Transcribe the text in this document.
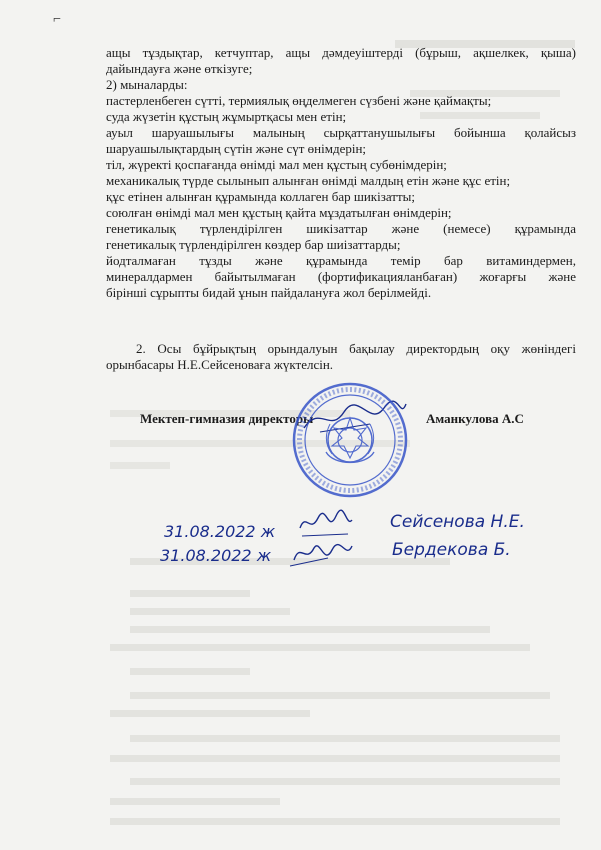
⌐
ащы тұздықтар, кетчуптар, ащы дәмдеуіштерді (бұрыш, ақшелкек, қыша)
дайындауға және өткізуге;
2) мыналарды:
пастерленбеген сүтті, термиялық өңделмеген сүзбені және қаймақты;
суда жүзетін құстың жұмыртқасы мен етін;
ауыл шаруашылығы малының сырқаттанушылығы бойынша қолайсыз
шаруашылықтардың сүтін және сүт өнімдерін;
тіл, жүректі қоспағанда өнімді мал мен құстың субөнімдерін;
механикалық түрде сылынып алынған өнімді малдың етін және құс етін;
құс етінен алынған құрамында коллаген бар шикізатты;
союлған өнімді мал мен құстың қайта мұздатылған өнімдерін;
генетикалық түрлендірілген шикізаттар және (немесе) құрамында
генетикалық түрлендірілген көздер бар шиізаттарды;
йодталмаған тұзды және құрамында темір бар витаминдермен,
минералдармен байытылмаған (фортификацияланбаған) жоғарғы және
бірінші сұрыпты бидай ұнын пайдалануға жол берілмейді.
2. Осы бұйрықтың орындалуын бақылау директордың оқу жөніндегі
орынбасары Н.Е.Сейсеноваға жүктелсін.
Мектеп-гимназия директоры	Аманкулова А.С
31.08.2022 ж	Сейсенова Н.Е.
31.08.2022 ж	Бердекова Б.
